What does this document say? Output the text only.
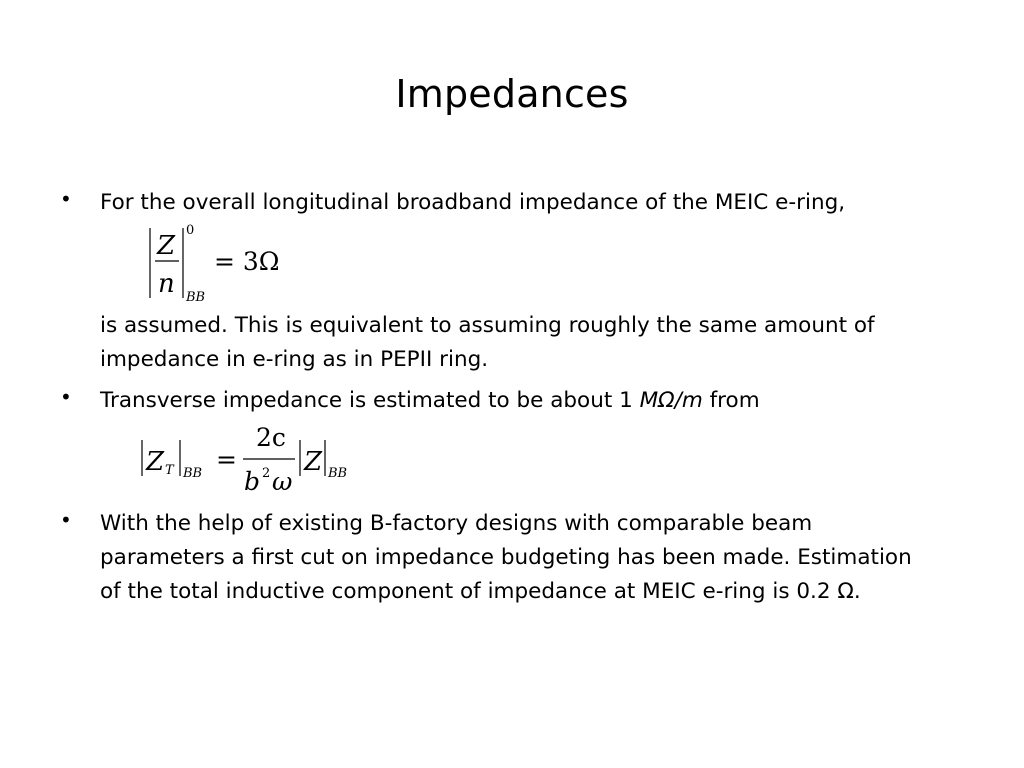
Impedances
• For the overall longitudinal broadband impedance of the MEIC e-ring,
Z
n
0
BB
= 3Ω
is assumed. This is equivalent to assuming roughly the same amount of
impedance in e-ring as in PEPII ring.
• Transverse impedance is estimated to be about 1 MΩ/m from
Z T BB =
2c
b 2 ω
Z BB
• With the help of existing B-factory designs with comparable beam
parameters a first cut on impedance budgeting has been made. Estimation
of the total inductive component of impedance at MEIC e-ring is 0.2 Ω.
